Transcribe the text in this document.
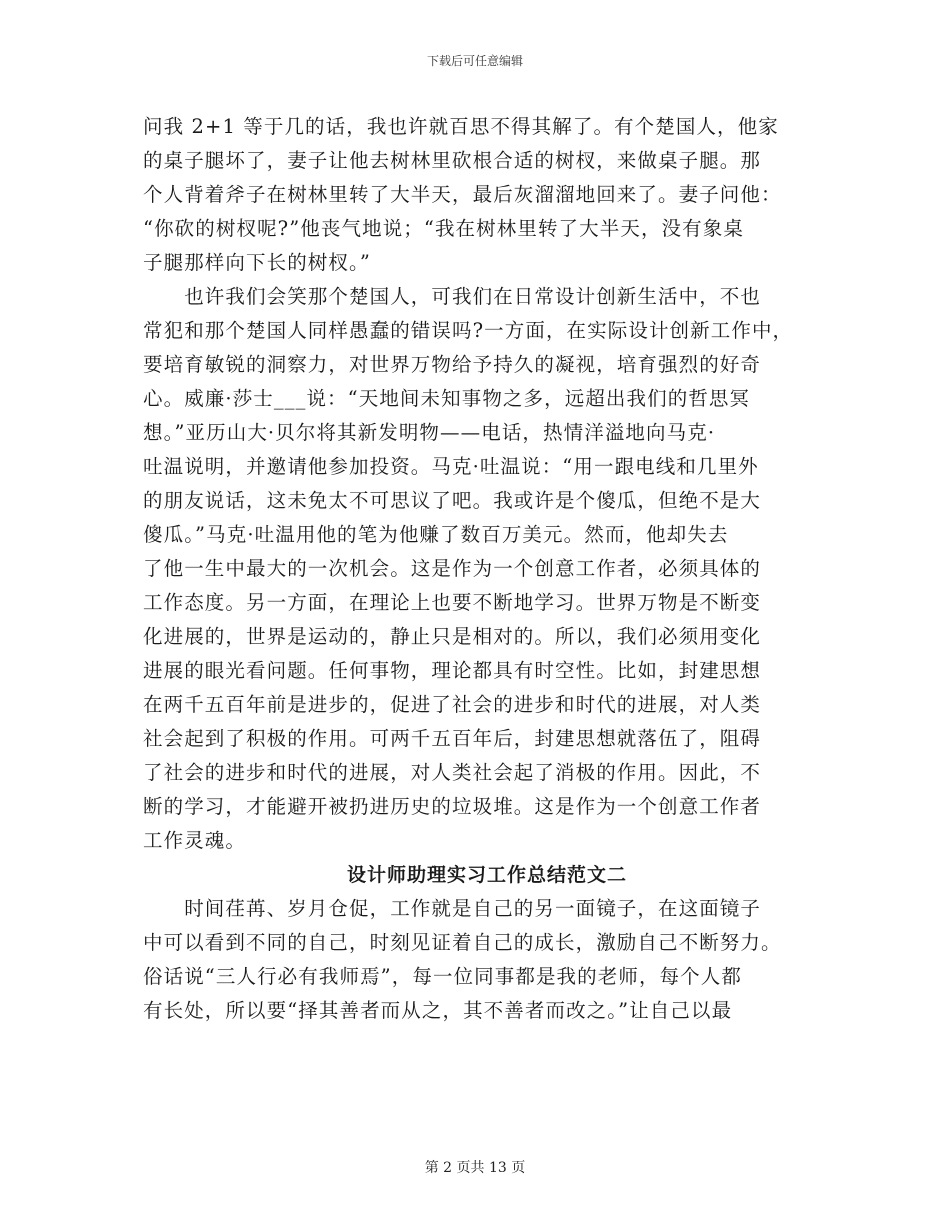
下载后可任意编辑
问我 2+1 等于几的话，我也许就百思不得其解了。有个楚国人，他家
的桌子腿坏了，妻子让他去树林里砍根合适的树杈，来做桌子腿。那
个人背着斧子在树林里转了大半天，最后灰溜溜地回来了。妻子问他：
“你砍的树杈呢?”他丧气地说；“我在树林里转了大半天，没有象桌
子腿那样向下长的树杈。”
　　也许我们会笑那个楚国人，可我们在日常设计创新生活中，不也
常犯和那个楚国人同样愚蠢的错误吗?一方面，在实际设计创新工作中，
要培育敏锐的洞察力，对世界万物给予持久的凝视，培育强烈的好奇
心。威廉·莎士___说：“天地间未知事物之多，远超出我们的哲思冥
想。”亚历山大·贝尔将其新发明物——电话，热情洋溢地向马克·
吐温说明，并邀请他参加投资。马克·吐温说：“用一跟电线和几里外
的朋友说话，这未免太不可思议了吧。我或许是个傻瓜，但绝不是大
傻瓜。”马克·吐温用他的笔为他赚了数百万美元。然而，他却失去
了他一生中最大的一次机会。这是作为一个创意工作者，必须具体的
工作态度。另一方面，在理论上也要不断地学习。世界万物是不断变
化进展的，世界是运动的，静止只是相对的。所以，我们必须用变化
进展的眼光看问题。任何事物，理论都具有时空性。比如，封建思想
在两千五百年前是进步的，促进了社会的进步和时代的进展，对人类
社会起到了积极的作用。可两千五百年后，封建思想就落伍了，阻碍
了社会的进步和时代的进展，对人类社会起了消极的作用。因此，不
断的学习，才能避开被扔进历史的垃圾堆。这是作为一个创意工作者
工作灵魂。
设计师助理实习工作总结范文二
　　时间荏苒、岁月仓促，工作就是自己的另一面镜子，在这面镜子
中可以看到不同的自己，时刻见证着自己的成长，激励自己不断努力。
俗话说“三人行必有我师焉”，每一位同事都是我的老师，每个人都
有长处，所以要“择其善者而从之，其不善者而改之。”让自己以最
第 2 页共 13 页
